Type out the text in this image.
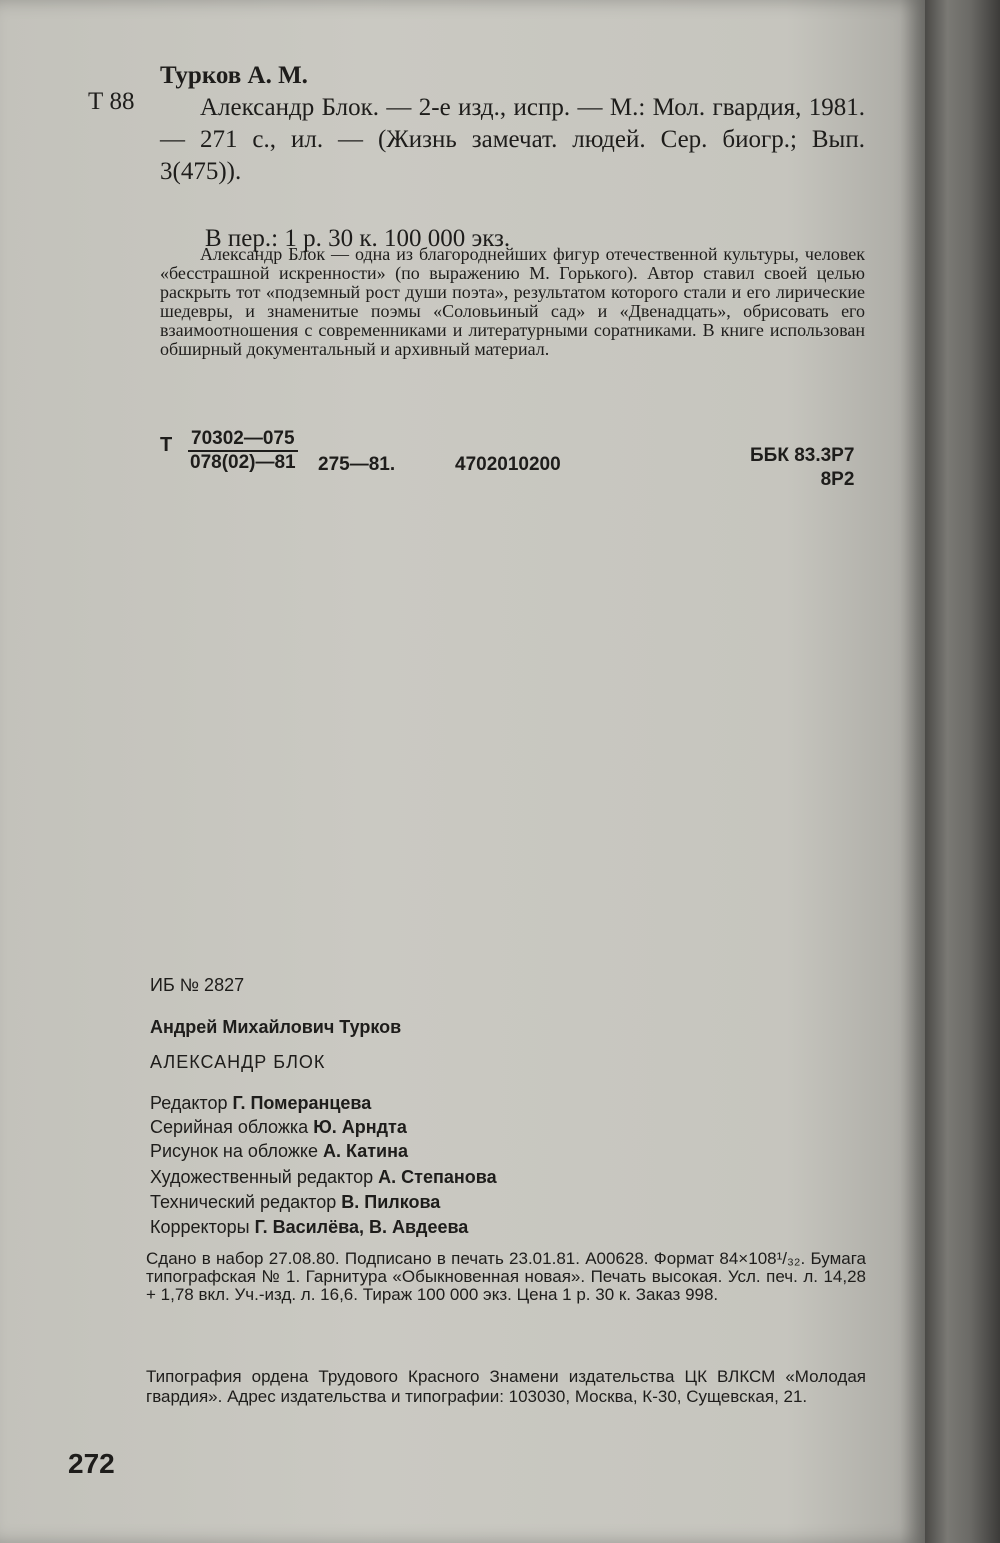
Т 88
Турков А. М.
Александр Блок. — 2-е изд., испр. — М.: Мол. гвардия, 1981. — 271 с., ил. — (Жизнь замечат. людей. Сер. биогр.; Вып. 3(475)).
В пер.: 1 р. 30 к. 100 000 экз.
Александр Блок — одна из благороднейших фигур отечественной культуры, человек «бесстрашной искренности» (по выражению М. Горького). Автор ставил своей целью раскрыть тот «подземный рост души поэта», результатом которого стали и его лирические шедевры, и знаменитые поэмы «Соловьиный сад» и «Двенадцать», обрисовать его взаимоотношения с современниками и литературными соратниками. В книге использован обширный документальный и архивный материал.
Т $\frac{70302—075}{078(02)—81}$ 275—81.	4702010200	ББК 83.3Р7
8Р2
ИБ № 2827
Андрей Михайлович Турков
АЛЕКСАНДР БЛОК
Редактор Г. Померанцева
Серийная обложка Ю. Арндта
Рисунок на обложке А. Катина
Художественный редактор А. Степанова
Технический редактор В. Пилкова
Корректоры Г. Василёва, В. Авдеева
Сдано в набор 27.08.80. Подписано в печать 23.01.81. А00628. Формат 84×108¹/₃₂. Бумага типографская № 1. Гарнитура «Обыкновенная новая». Печать высокая. Усл. печ. л. 14,28 + 1,78 вкл. Уч.-изд. л. 16,6. Тираж 100 000 экз. Цена 1 р. 30 к. Заказ 998.
Типография ордена Трудового Красного Знамени издательства ЦК ВЛКСМ «Молодая гвардия». Адрес издательства и типографии: 103030, Москва, К-30, Сущевская, 21.
272
